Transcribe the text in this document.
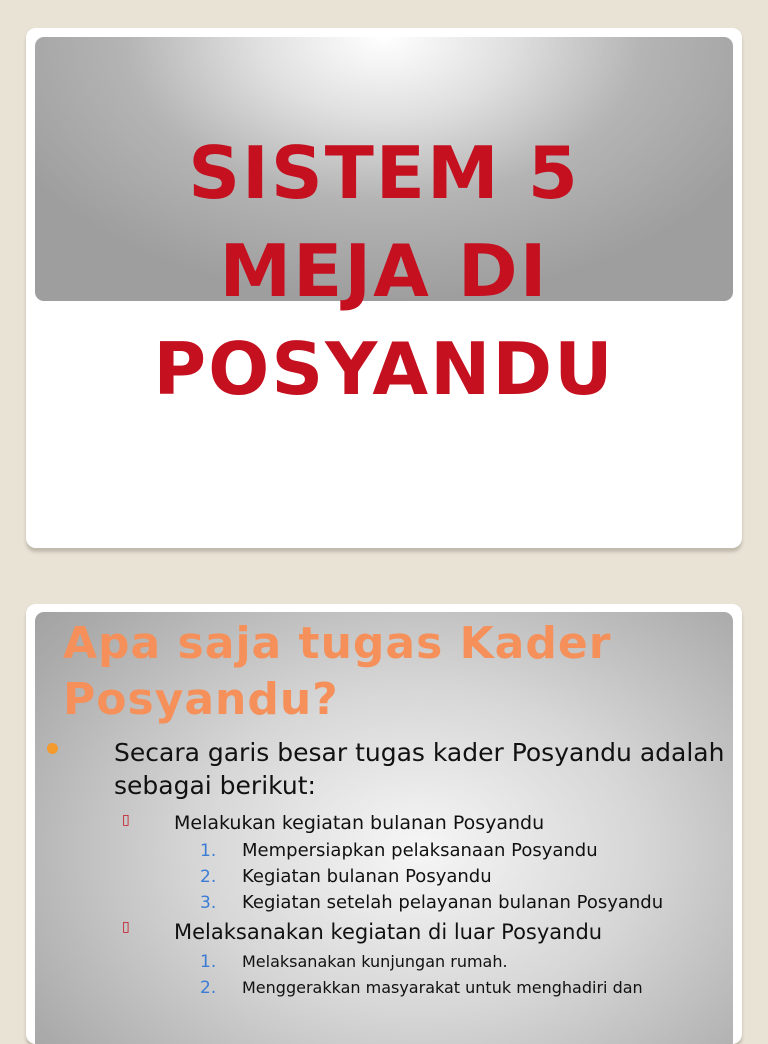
SISTEM 5
MEJA DI
POSYANDU
Apa saja tugas Kader
Posyandu?
Secara garis besar tugas kader Posyandu adalah sebagai berikut:
▯ Melakukan kegiatan bulanan Posyandu
1. Mempersiapkan pelaksanaan Posyandu
2. Kegiatan bulanan Posyandu
3. Kegiatan setelah pelayanan bulanan Posyandu
▯ Melaksanakan kegiatan di luar Posyandu
1. Melaksanakan kunjungan rumah.
2. Menggerakkan masyarakat untuk menghadiri dan
